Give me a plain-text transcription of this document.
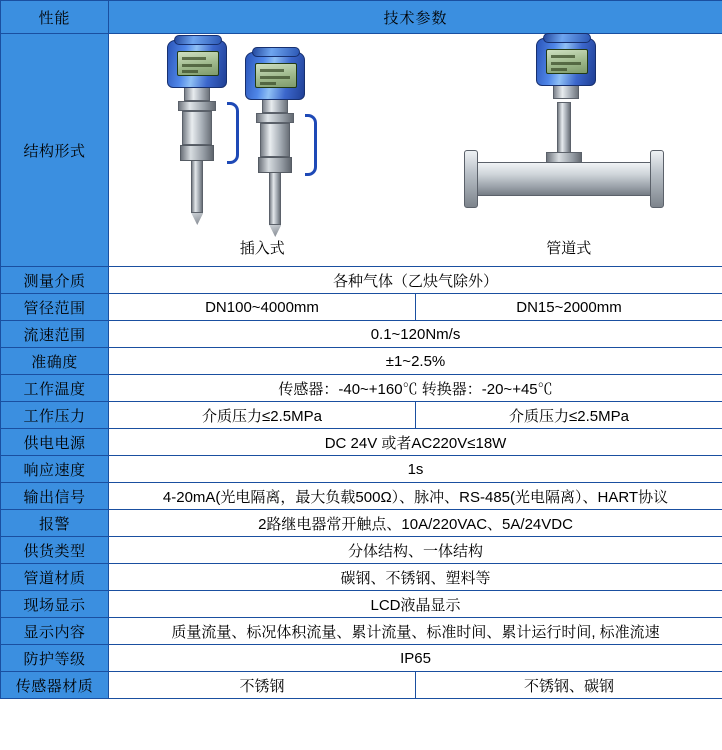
性能	技术参数	
结构形式	插入式 管道式	

测量介质	各种气体（乙炔气除外）	
管径范围	DN100~4000mm	DN15~2000mm
流速范围	0.1~120Nm/s	
准确度	±1~2.5%	
工作温度	传感器：-40~+160℃ 转换器：-20~+45℃	
工作压力	介质压力≤2.5MPa	介质压力≤2.5MPa
供电电源	DC 24V 或者AC220V≤18W	
响应速度	1s	
输出信号	4-20mA(光电隔离，最大负载500Ω）、脉冲、RS-485(光电隔离）、HART协议	
报警	2路继电器常开触点、10A/220VAC、5A/24VDC	
供货类型	分体结构、一体结构	
管道材质	碳钢、不锈钢、塑料等	
现场显示	LCD液晶显示	
显示内容	质量流量、标况体积流量、累计流量、标准时间、累计运行时间, 标准流速	
防护等级	IP65	
传感器材质	不锈钢	不锈钢、碳钢
